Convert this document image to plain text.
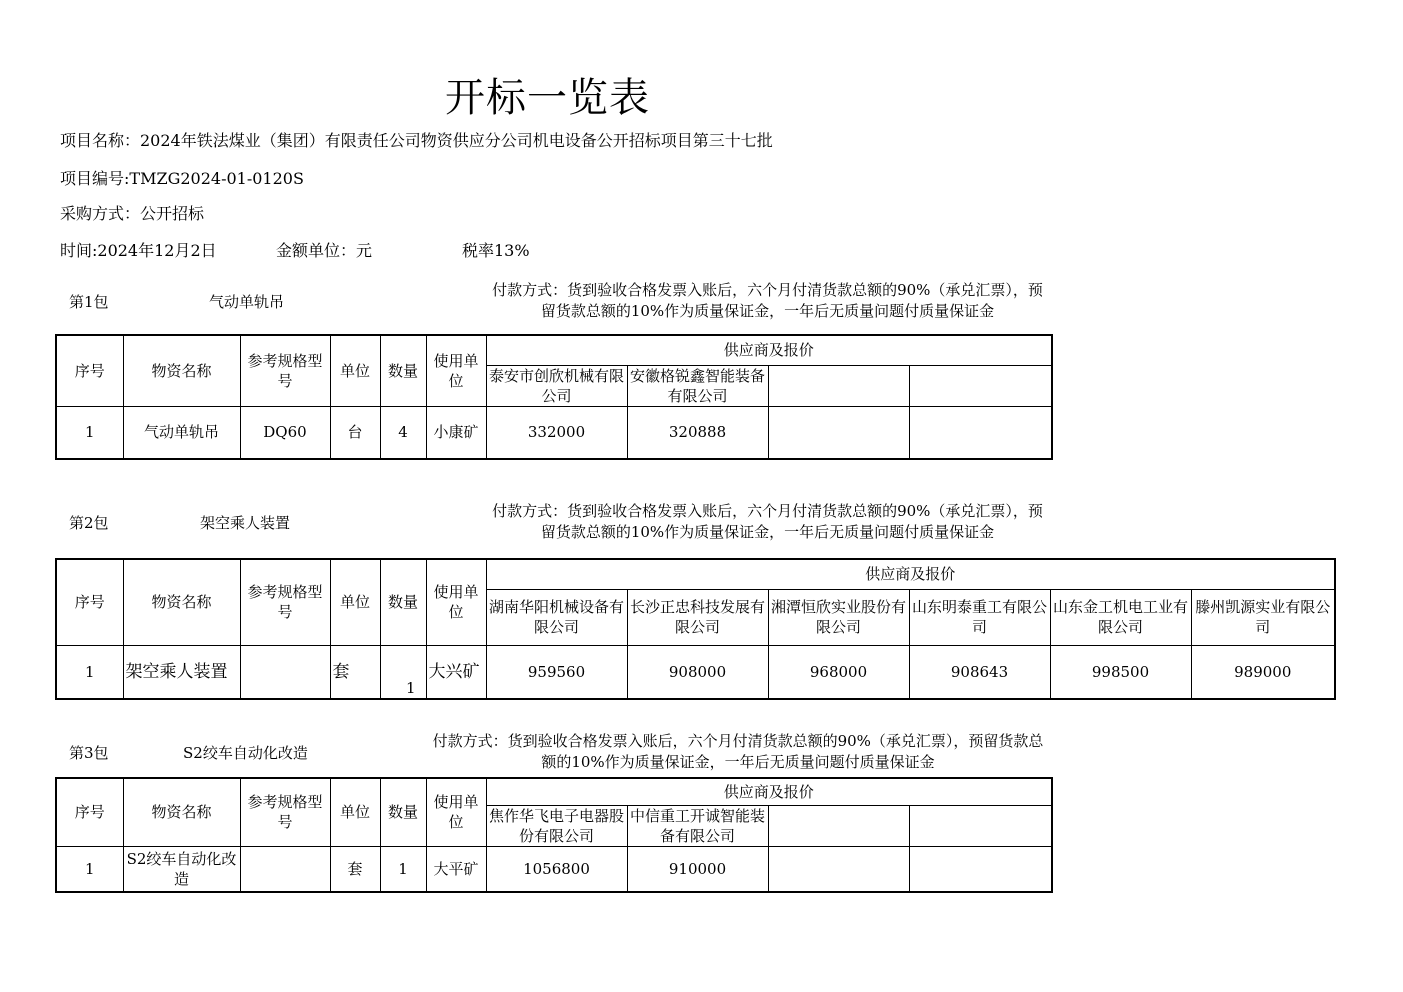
开标一览表
项目名称：2024年铁法煤业（集团）有限责任公司物资供应分公司机电设备公开招标项目第三十七批
项目编号:TMZG2024-01-0120S
采购方式：公开招标
时间:2024年12月2日	金额单位：元	税率13%
第1包	气动单轨吊
付款方式：货到验收合格发票入账后，六个月付清货款总额的90%（承兑汇票），预留货款总额的10%作为质量保证金，一年后无质量问题付质量保证金
序号	物资名称	参考规格型号	单位	数量	使用单位	供应商及报价			
						泰安市创欣机械有限公司	安徽格锐鑫智能装备有限公司		
1	气动单轨吊	DQ60	台	4	小康矿	332000	320888		
第2包	架空乘人装置
付款方式：货到验收合格发票入账后，六个月付清货款总额的90%（承兑汇票），预留货款总额的10%作为质量保证金，一年后无质量问题付质量保证金
序号	物资名称	参考规格型号	单位	数量	使用单位	供应商及报价					
						湖南华阳机械设备有限公司	长沙正忠科技发展有限公司	湘潭恒欣实业股份有限公司	山东明泰重工有限公司	山东金工机电工业有限公司	滕州凯源实业有限公司
1	架空乘人装置		套	1	大兴矿	959560	908000	968000	908643	998500	989000
第3包	S2绞车自动化改造
付款方式：货到验收合格发票入账后，六个月付清货款总额的90%（承兑汇票），预留货款总额的10%作为质量保证金，一年后无质量问题付质量保证金
序号	物资名称	参考规格型号	单位	数量	使用单位	供应商及报价			
						焦作华飞电子电器股份有限公司	中信重工开诚智能装备有限公司		
1	S2绞车自动化改造		套	1	大平矿	1056800	910000		
